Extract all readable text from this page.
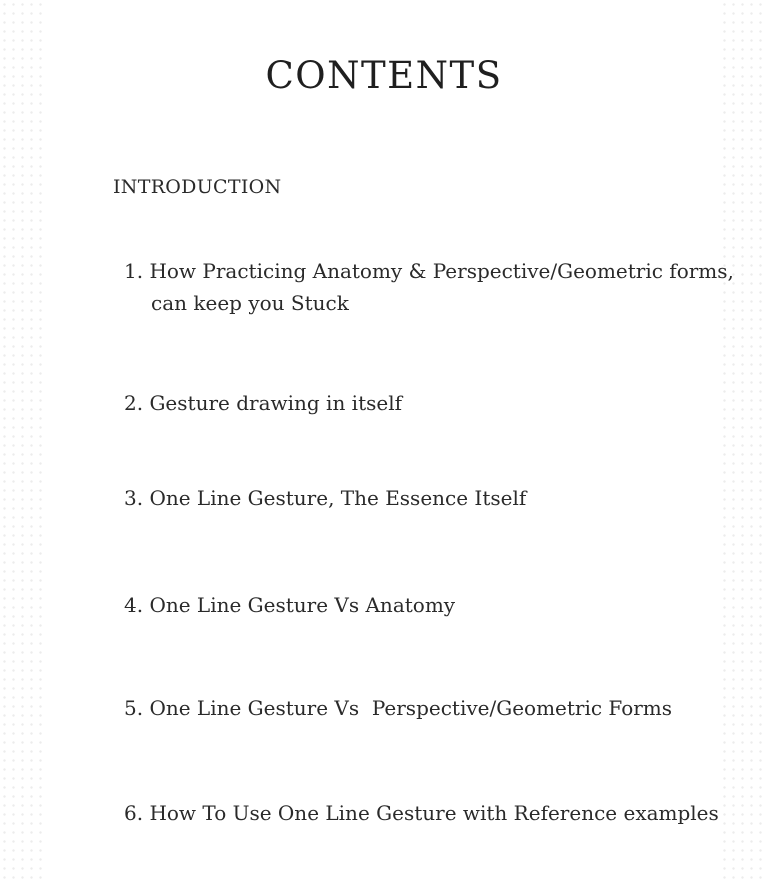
CONTENTS
INTRODUCTION
1. How Practicing Anatomy & Perspective/Geometric forms,
can keep you Stuck
2. Gesture drawing in itself
3. One Line Gesture, The Essence Itself
4. One Line Gesture Vs Anatomy
5. One Line Gesture Vs  Perspective/Geometric Forms
6. How To Use One Line Gesture with Reference examples
